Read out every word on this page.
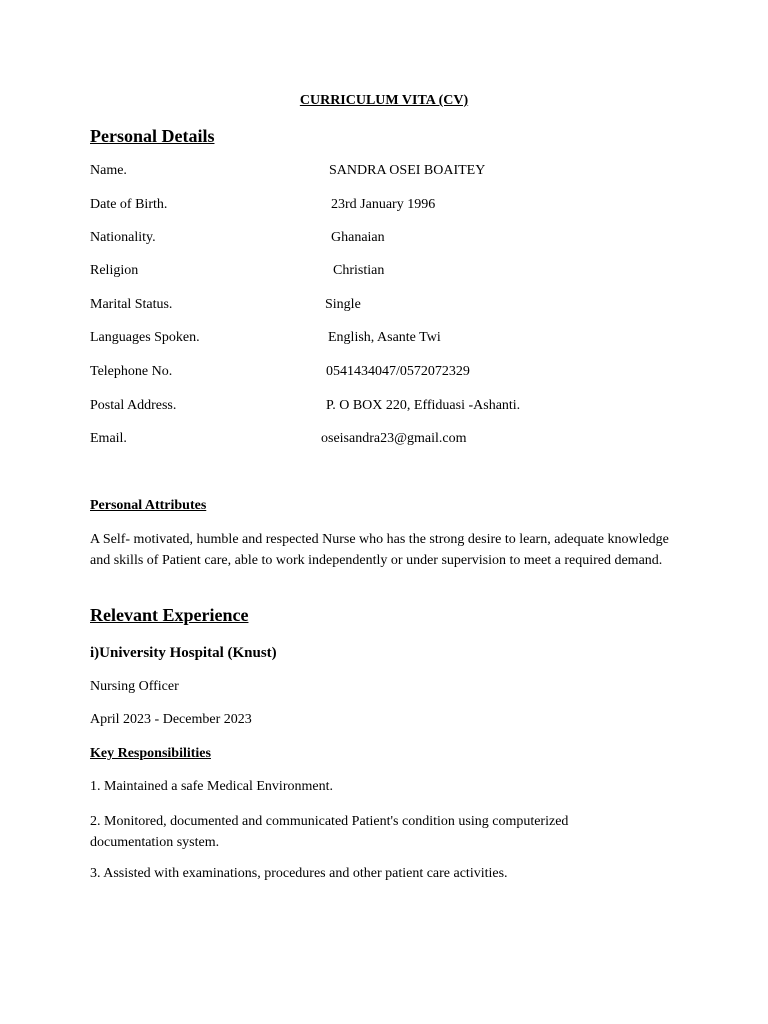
CURRICULUM VITA (CV)
Personal Details
Name.	SANDRA OSEI BOAITEY
Date of Birth.	23rd January 1996
Nationality.	Ghanaian
Religion	Christian
Marital Status.	Single
Languages Spoken.	English, Asante Twi
Telephone No.	0541434047/0572072329
Postal Address.	P. O BOX 220, Effiduasi -Ashanti.
Email.	oseisandra23@gmail.com
Personal Attributes
A Self- motivated, humble and respected Nurse who has the strong desire to learn, adequate knowledge and skills of Patient care, able to work independently or under supervision to meet a required demand.
Relevant Experience
i)University Hospital (Knust)
Nursing Officer
April 2023 - December 2023
Key Responsibilities
1. Maintained a safe Medical Environment.
2. Monitored, documented and communicated Patient's condition using computerized documentation system.
3. Assisted with examinations, procedures and other patient care activities.
